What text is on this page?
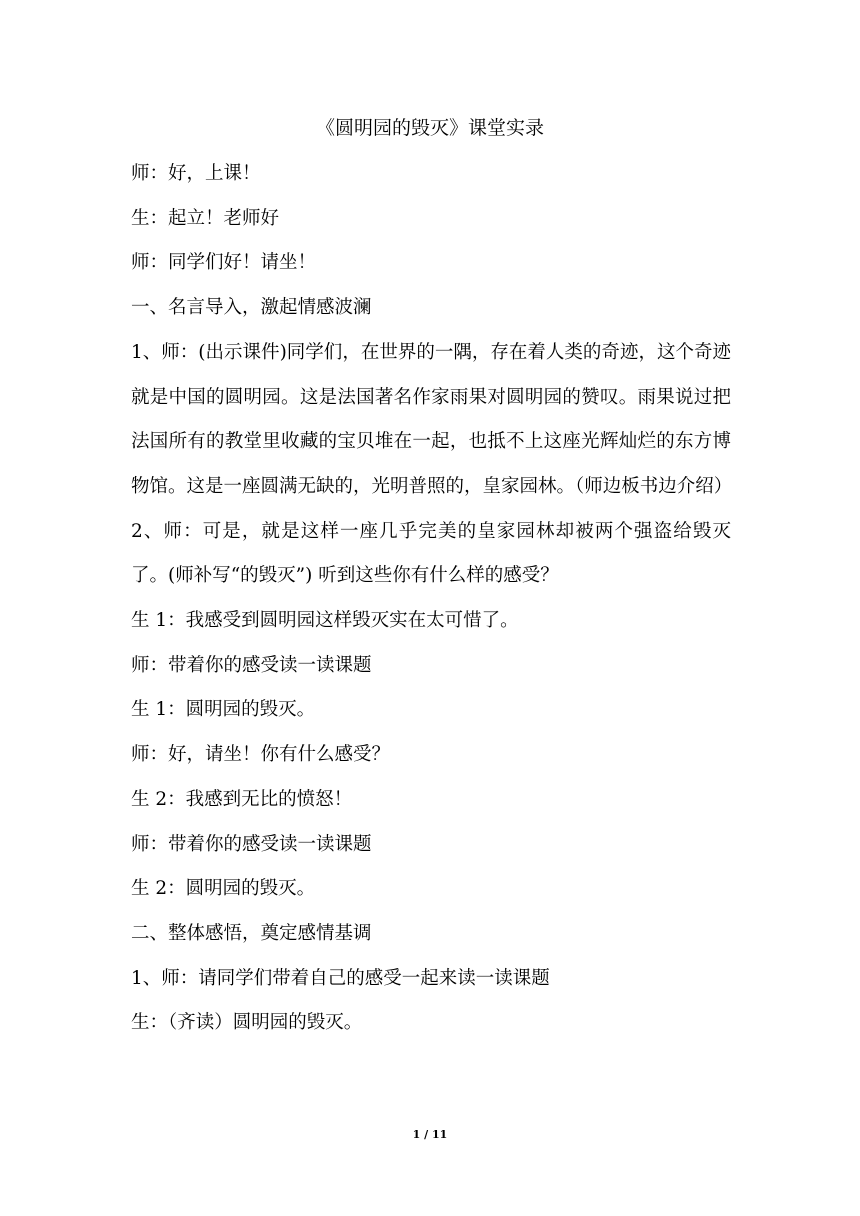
《圆明园的毁灭》课堂实录

师：好，上课！

生：起立！老师好

师：同学们好！请坐！

一、名言导入，激起情感波澜

1、师：(出示课件)同学们，在世界的一隅，存在着人类的奇迹，这个奇迹就是中国的圆明园。这是法国著名作家雨果对圆明园的赞叹。雨果说过把法国所有的教堂里收藏的宝贝堆在一起，也抵不上这座光辉灿烂的东方博物馆。这是一座圆满无缺的，光明普照的，皇家园林。（师边板书边介绍）

2、师：可是，就是这样一座几乎完美的皇家园林却被两个强盗给毁灭了。(师补写“的毁灭”) 听到这些你有什么样的感受？

生 1：我感受到圆明园这样毁灭实在太可惜了。

师：带着你的感受读一读课题

生 1：圆明园的毁灭。

师：好，请坐！你有什么感受？

生 2：我感到无比的愤怒！

师：带着你的感受读一读课题

生 2：圆明园的毁灭。

二、整体感悟，奠定感情基调

1、师：请同学们带着自己的感受一起来读一读课题

生：（齐读）圆明园的毁灭。

1 / 11
